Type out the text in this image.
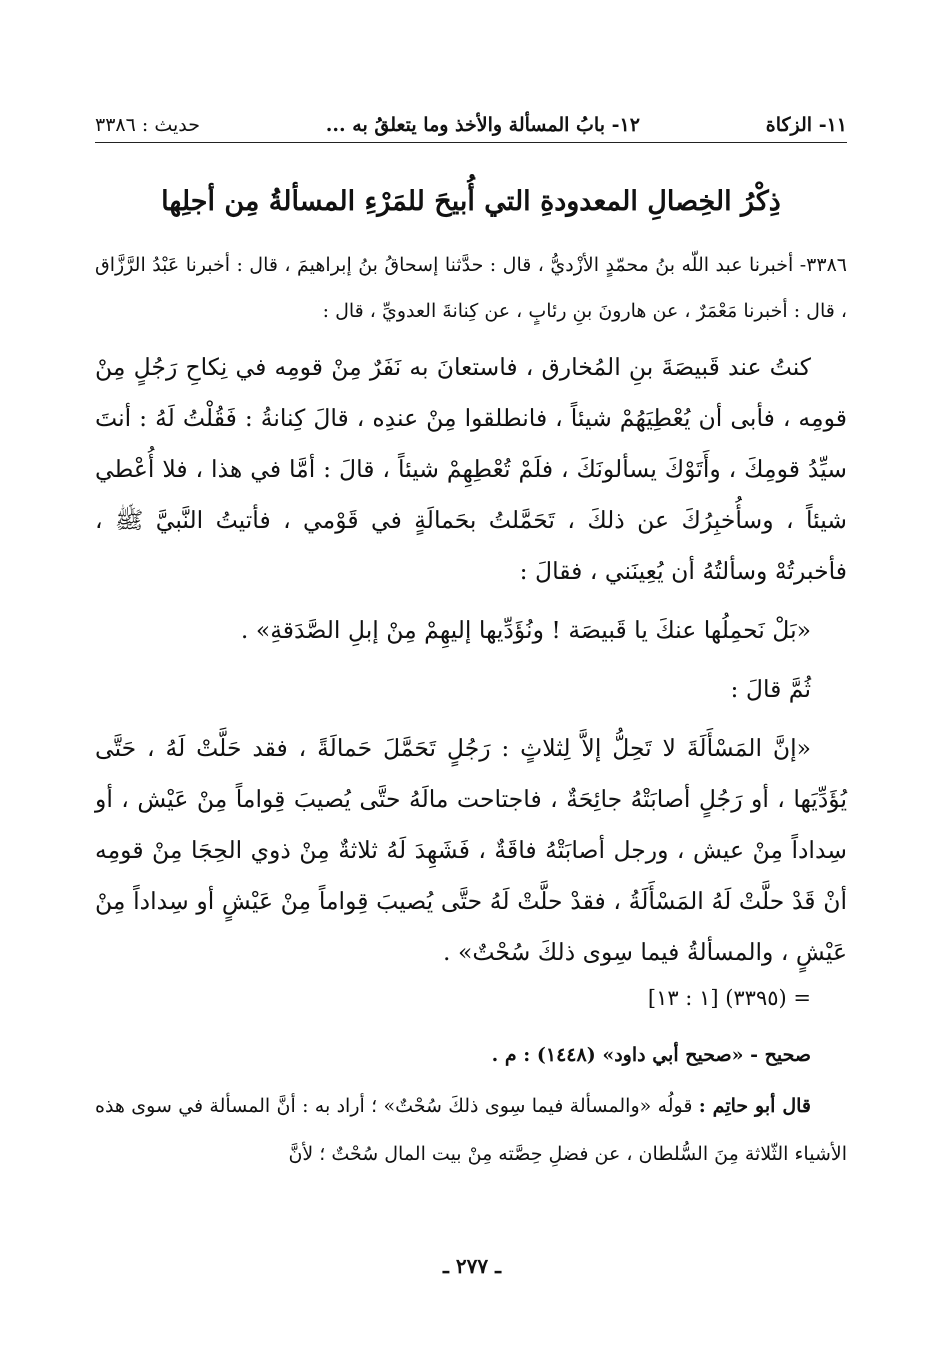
١١- الزكاة
١٢- بابُ المسألة والأخذ وما يتعلقُ به ...
حديث : ٣٣٨٦
ذِكْرُ الخِصالِ المعدودةِ التي أُبيحَ للمَرْءِ المسألةُ مِن أجلِها

٣٣٨٦- أخبرنا عبد اللّه بنُ محمّدٍ الأزْديُّ ، قال : حدَّثنا إسحاقُ بنُ إبراهيمَ ، قال : أخبرنا عَبْدُ الرَّزَّاق ، قال : أخبرنا مَعْمَرٌ ، عن هارونَ بنِ رئابٍ ، عن كِنانةَ العدويِّ ، قال :

كنتُ عند قَبيصَةَ بنِ المُخارق ، فاستعانَ به نَفَرٌ مِنْ قومِه في نِكاحِ رَجُلٍ مِنْ قومِه ، فأبى أن يُعْطِيَهُمْ شيئاً ، فانطلقوا مِنْ عندِه ، قالَ كِنانةُ : فَقُلْتُ لَهُ : أنتَ سيِّدُ قومِكَ ، وأَتَوْكَ يسألونَكَ ، فلَمْ تُعْطِهِمْ شيئاً ، قالَ : أمَّا في هذا ، فلا أُعْطي شيئاً ، وسأُخبِرُكَ عن ذلكَ ، تَحَمَّلتُ بحَمالَةٍ في قَوْمي ، فأتيتُ النَّبيَّ ﷺ ، فأخبرتُهْ وسألتُهُ أن يُعِينَني ، فقالَ :

«بَلْ نَحمِلُها عنكَ يا قَبيصَة ! ونُؤَدِّيها إليهِمْ مِنْ إبلِ الصَّدَقةِ» .

ثُمَّ قالَ :

«إنَّ المَسْأَلَةَ لا تَحِلُّ إلاَّ لِثلاثٍ : رَجُلٍ تَحَمَّلَ حَمالَةً ، فقد حَلَّتْ لَهُ ، حَتَّى يُؤَدِّيَها ، أو رَجُلٍ أصابَتْهُ جائِحَةٌ ، فاجتاحت مالَهُ حتَّى يُصيبَ قِواماً مِنْ عَيْش ، أو سِداداً مِنْ عيش ، ورجل أصابَتْهُ فاقَةٌ ، فَشَهِدَ لَهُ ثلاثةٌ مِنْ ذوي الحِجَا مِنْ قومِه أنْ قَدْ حلَّتْ لَهُ المَسْأَلَةُ ، فقدْ حلَّتْ لَهُ حتَّى يُصيبَ قِواماً مِنْ عَيْشٍ أو سِداداً مِنْ عَيْشٍ ، والمسألةُ فيما سِوى ذلكَ سُحْتٌ» .

= (٣٣٩٥) [١ : ١٣]

صحيح - «صحيح أبي داود» (١٤٤٨) : م .

قال أبو حاتِم : قولُه «والمسألة فيما سِوى ذلكَ سُحْتٌ» ؛ أراد به : أنَّ المسألة في سوى هذه الأشياء الثّلاثة مِنَ السُّلطان ، عن فضلِ حِصَّته مِنْ بيت المال سُحْتٌ ؛ لأنَّ

ـ ٢٧٧ ـ
